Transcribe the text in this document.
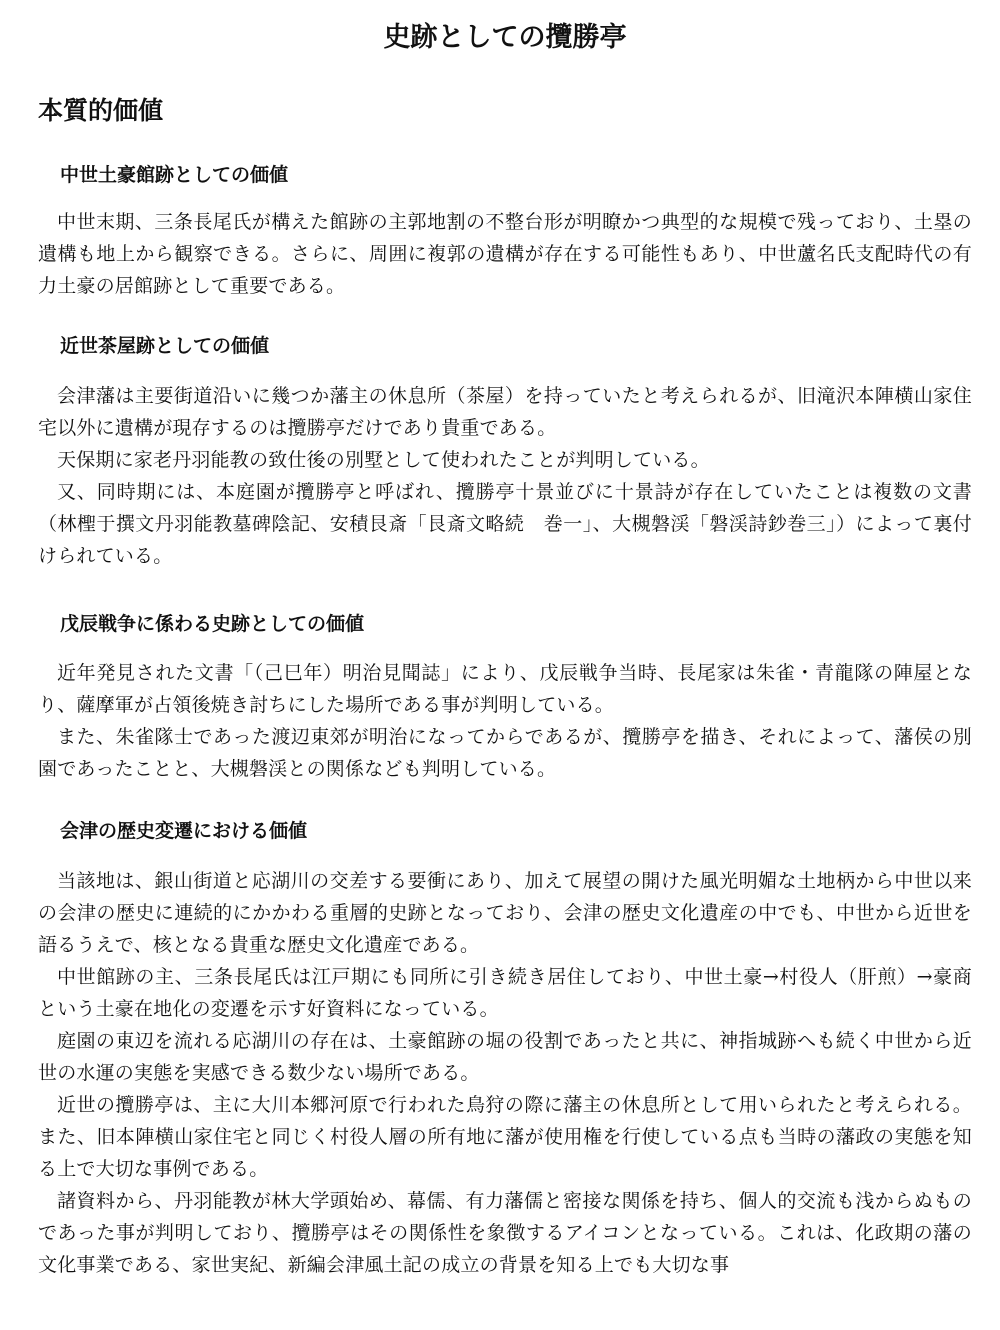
史跡としての攬勝亭
本質的価値
中世土豪館跡としての価値

中世末期、三条長尾氏が構えた館跡の主郭地割の不整台形が明瞭かつ典型的な規模で残っており、土塁の遺構も地上から観察できる。さらに、周囲に複郭の遺構が存在する可能性もあり、中世蘆名氏支配時代の有力土豪の居館跡として重要である。

近世茶屋跡としての価値

会津藩は主要街道沿いに幾つか藩主の休息所（茶屋）を持っていたと考えられるが、旧滝沢本陣横山家住宅以外に遺構が現存するのは攬勝亭だけであり貴重である。

天保期に家老丹羽能教の致仕後の別墅として使われたことが判明している。

又、同時期には、本庭園が攬勝亭と呼ばれ、攬勝亭十景並びに十景詩が存在していたことは複数の文書（林檉于撰文丹羽能教墓碑陰記、安積艮斎「艮斎文略続　巻一」、大槻磐渓「磐渓詩鈔巻三」）によって裏付けられている。

戊辰戦争に係わる史跡としての価値

近年発見された文書「（己巳年）明治見聞誌」により、戊辰戦争当時、長尾家は朱雀・青龍隊の陣屋となり、薩摩軍が占領後焼き討ちにした場所である事が判明している。

また、朱雀隊士であった渡辺東郊が明治になってからであるが、攬勝亭を描き、それによって、藩侯の別園であったことと、大槻磐渓との関係なども判明している。

会津の歴史変遷における価値

当該地は、銀山街道と応湖川の交差する要衝にあり、加えて展望の開けた風光明媚な土地柄から中世以来の会津の歴史に連続的にかかわる重層的史跡となっており、会津の歴史文化遺産の中でも、中世から近世を語るうえで、核となる貴重な歴史文化遺産である。

中世館跡の主、三条長尾氏は江戸期にも同所に引き続き居住しており、中世土豪→村役人（肝煎）→豪商という土豪在地化の変遷を示す好資料になっている。

庭園の東辺を流れる応湖川の存在は、土豪館跡の堀の役割であったと共に、神指城跡へも続く中世から近世の水運の実態を実感できる数少ない場所である。

近世の攬勝亭は、主に大川本郷河原で行われた鳥狩の際に藩主の休息所として用いられたと考えられる。また、旧本陣横山家住宅と同じく村役人層の所有地に藩が使用権を行使している点も当時の藩政の実態を知る上で大切な事例である。

諸資料から、丹羽能教が林大学頭始め、幕儒、有力藩儒と密接な関係を持ち、個人的交流も浅からぬものであった事が判明しており、攬勝亭はその関係性を象徴するアイコンとなっている。これは、化政期の藩の文化事業である、家世実紀、新編会津風土記の成立の背景を知る上でも大切な事
